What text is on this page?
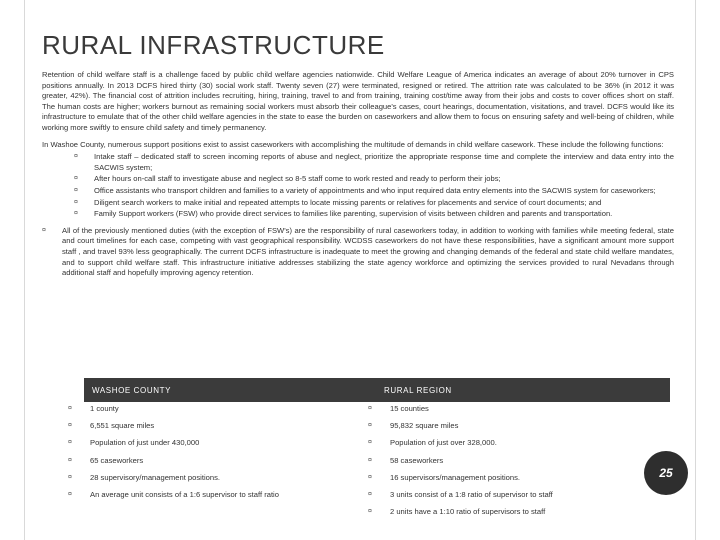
RURAL INFRASTRUCTURE

Retention of child welfare staff is a challenge faced by public child welfare agencies nationwide. Child Welfare League of America indicates an average of about 20% turnover in CPS positions annually. In 2013 DCFS hired thirty (30) social work staff. Twenty seven (27) were terminated, resigned or retired. The attrition rate was calculated to be 36% (in 2012 it was greater, 42%). The financial cost of attrition includes recruiting, hiring, training, travel to and from training, training cost/time away from their jobs and costs to cover offices short on staff. The human costs are higher; workers burnout as remaining social workers must absorb their colleague's cases, court hearings, documentation, visitations, and travel. DCFS would like its infrastructure to emulate that of the other child welfare agencies in the state to ease the burden on caseworkers and allow them to focus on ensuring safety and well-being of children, while working more swiftly to ensure child safety and timely permanency.

In Washoe County, numerous support positions exist to assist caseworkers with accomplishing the multitude of demands in child welfare casework. These include the following functions:

¤ Intake staff – dedicated staff to screen incoming reports of abuse and neglect, prioritize the appropriate response time and complete the interview and data entry into the SACWIS system;
¤ After hours on-call staff to investigate abuse and neglect so 8-5 staff come to work rested and ready to perform their jobs;
¤ Office assistants who transport children and families to a variety of appointments and who input required data entry elements into the SACWIS system for caseworkers;
¤ Diligent search workers to make initial and repeated attempts to locate missing parents or relatives for placements and service of court documents; and
¤ Family Support workers (FSW) who provide direct services to families like parenting, supervision of visits between children and parents and transportation.
¤ All of the previously mentioned duties (with the exception of FSW's) are the responsibility of rural caseworkers today, in addition to working with families while meeting federal, state and court timelines for each case, competing with vast geographical responsibility. WCDSS caseworkers do not have these responsibilities, have a significant amount more support staff , and travel 93% less geographically. The current DCFS infrastructure is inadequate to meet the growing and changing demands of the federal and state child welfare mandates, and to support child welfare staff. This infrastructure initiative addresses stabilizing the state agency workforce and optimizing the services provided to rural Nevadans through additional staff and hopefully improving agency retention.
WASHOE COUNTY	RURAL REGION
¤ 1 county
¤ 6,551 square miles
¤ Population of just under 430,000
¤ 65 caseworkers
¤ 28 supervisory/management positions.
¤ An average unit consists of a 1:6 supervisor to staff ratio
¤ 15 counties
¤ 95,832 square miles
¤ Population of just over 328,000.
¤ 58 caseworkers
¤ 16 supervisors/management positions.
¤ 3 units consist of a 1:8 ratio of supervisor to staff
¤ 2 units have a 1:10 ratio of supervisors to staff
25
